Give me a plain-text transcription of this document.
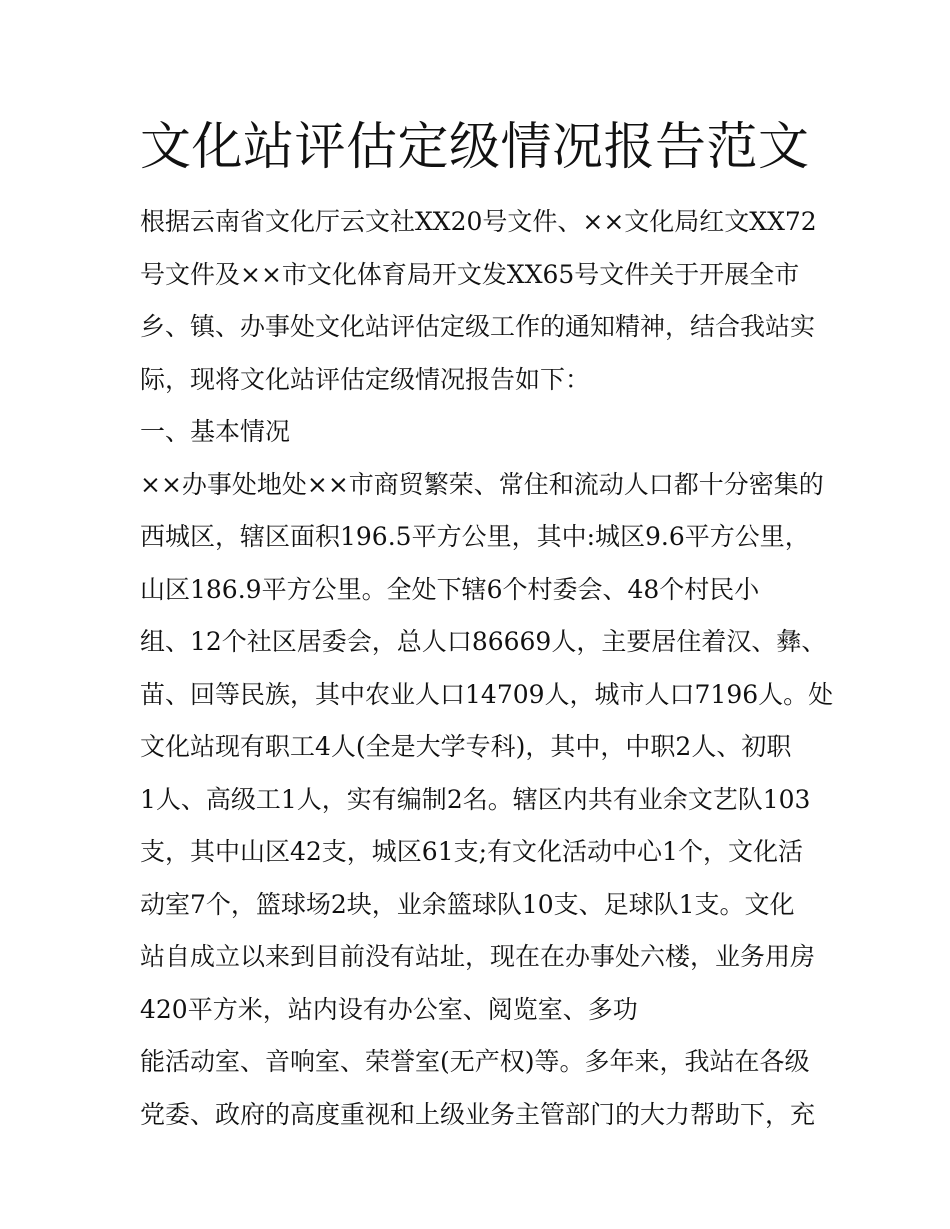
文化站评估定级情况报告范文
根据云南省文化厅云文社XX20号文件、××文化局红文XX72
号文件及××市文化体育局开文发XX65号文件关于开展全市
乡、镇、办事处文化站评估定级工作的通知精神，结合我站实
际，现将文化站评估定级情况报告如下：
一、基本情况
××办事处地处××市商贸繁荣、常住和流动人口都十分密集的
西城区，辖区面积196.5平方公里，其中:城区9.6平方公里，
山区186.9平方公里。全处下辖6个村委会、48个村民小
组、12个社区居委会，总人口86669人，主要居住着汉、彝、
苗、回等民族，其中农业人口14709人，城市人口7196人。处
文化站现有职工4人(全是大学专科)，其中，中职2人、初职
1人、高级工1人，实有编制2名。辖区内共有业余文艺队103
支，其中山区42支，城区61支;有文化活动中心1个，文化活
动室7个，篮球场2块，业余篮球队10支、足球队1支。文化
站自成立以来到目前没有站址，现在在办事处六楼，业务用房
420平方米，站内设有办公室、阅览室、多功
能活动室、音响室、荣誉室(无产权)等。多年来，我站在各级
党委、政府的高度重视和上级业务主管部门的大力帮助下，充
